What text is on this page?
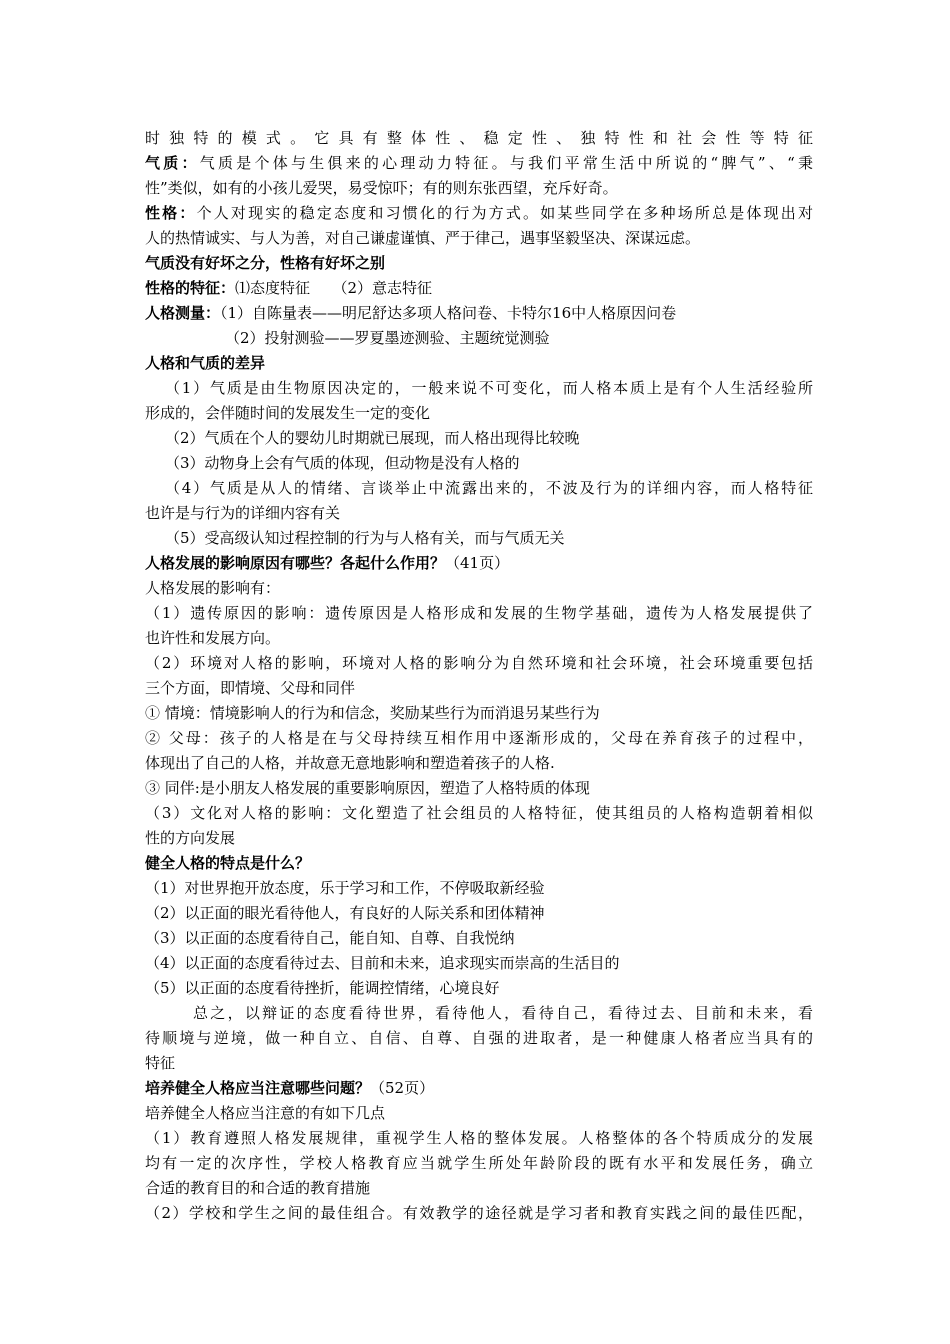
时独特的模式。它具有整体性、稳定性、独特性和社会性等特征
气质：气质是个体与生俱来的心理动力特征。与我们平常生活中所说的“脾气”、“秉
性”类似，如有的小孩儿爱哭，易受惊吓；有的则东张西望，充斥好奇。
性格：个人对现实的稳定态度和习惯化的行为方式。如某些同学在多种场所总是体现出对
人的热情诚实、与人为善，对自己谦虚谨慎、严于律己，遇事坚毅坚决、深谋远虑。
气质没有好坏之分，性格有好坏之别
性格的特征：⑴态度特征　　（2）意志特征
人格测量：（1）自陈量表——明尼舒达多项人格问卷、卡特尔16中人格原因问卷
（2）投射测验——罗夏墨迹测验、主题统觉测验
人格和气质的差异
（1）气质是由生物原因决定的，一般来说不可变化，而人格本质上是有个人生活经验所
形成的，会伴随时间的发展发生一定的变化
（2）气质在个人的婴幼儿时期就已展现，而人格出现得比较晚
（3）动物身上会有气质的体现，但动物是没有人格的
（4）气质是从人的情绪、言谈举止中流露出来的，不波及行为的详细内容，而人格特征
也许是与行为的详细内容有关
（5）受高级认知过程控制的行为与人格有关，而与气质无关
人格发展的影响原因有哪些？各起什么作用？（41页）
人格发展的影响有：
（1）遗传原因的影响：遗传原因是人格形成和发展的生物学基础，遗传为人格发展提供了
也许性和发展方向。
（2）环境对人格的影响，环境对人格的影响分为自然环境和社会环境，社会环境重要包括
三个方面，即情境、父母和同伴
① 情境：情境影响人的行为和信念，奖励某些行为而消退另某些行为
② 父母：孩子的人格是在与父母持续互相作用中逐渐形成的，父母在养育孩子的过程中，
体现出了自己的人格，并故意无意地影响和塑造着孩子的人格.
③ 同伴:是小朋友人格发展的重要影响原因，塑造了人格特质的体现
（3）文化对人格的影响：文化塑造了社会组员的人格特征，使其组员的人格构造朝着相似
性的方向发展
健全人格的特点是什么？
（1）对世界抱开放态度，乐于学习和工作，不停吸取新经验
（2）以正面的眼光看待他人，有良好的人际关系和团体精神
（3）以正面的态度看待自己，能自知、自尊、自我悦纳
（4）以正面的态度看待过去、目前和未来，追求现实而崇高的生活目的
（5）以正面的态度看待挫折，能调控情绪，心境良好
总之，以辩证的态度看待世界，看待他人，看待自己，看待过去、目前和未来，看
待顺境与逆境，做一种自立、自信、自尊、自强的进取者，是一种健康人格者应当具有的
特征
培养健全人格应当注意哪些问题？（52页）
培养健全人格应当注意的有如下几点
（1）教育遵照人格发展规律，重视学生人格的整体发展。人格整体的各个特质成分的发展
均有一定的次序性，学校人格教育应当就学生所处年龄阶段的既有水平和发展任务，确立
合适的教育目的和合适的教育措施
（2）学校和学生之间的最佳组合。有效教学的途径就是学习者和教育实践之间的最佳匹配，
